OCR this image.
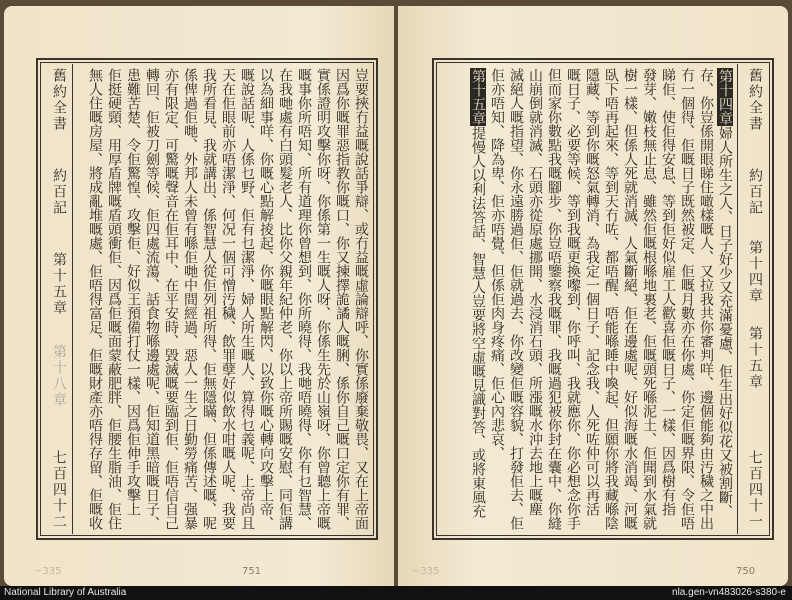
舊約全書
約百記
第十五章
第十八章
七百四十二
豈要挾冇益嘅說話爭辯、或冇益嘅虛論辯呼、你實係廢棄敬畏、又在上帝面
因爲你嘅罪惡指教你嘅口、你又揀擇詭譎人嘅脷、係你自己嘅口定你有罪、
實係證明攻擊你呀、你係第一生嘅人呀、你係生先於山嶺呀、你曾聽上帝嘅
嘅事你所唔知、所有道理你曾想到、你所曉得、我哋唔曉得、你有乜智慧、
在我哋處有白頭髮老人、比你父親年紀仲老、你以上帝所賜嘅安慰、同佢講
以為細事咩、你嘅心點解掕起、你嘅眼點解閃、以致你嘅心轉向攻擊上帝、
嘅說話呢、人係乜野、佢有乜潔淨、婦人所生嘅人、算得乜義呢、上帝尚且
天在佢眼前亦唔潔淨、何况一個可憎汚穢、飲罪孽好似飲水咁嘅人呢、我要
我所看見、我就講出、係智慧人從佢列祖所得、佢無隱瞞、但係傳述嘅、呢
係俾過佢哋、外邦人未曾有喺佢哋中間經過、惡人一生之日勤勞痛苦、强暴
亦有限定、可驚嘅聲音在佢耳中、在平安時、毀滅嘅要臨到佢、佢唔信自己
轉回、佢被刀劍等候、佢四處流蕩、話食物喺邊處呢、佢知道黑暗嘅日子、
患難苦楚、令佢驚惶、攻擊佢、好似王預備打仗一樣、因爲佢伸手攻擊上
佢挺硬頸、用厚盾牌嘅盾頭衝佢、因爲佢嘅面蒙蔽肥胖、佢腰生脂油、佢住
無人住嘅房屋、將成亂堆嘅處、佢唔得富足、佢嘅財產亦唔得存留、佢嘅收
~335	751
舊約全書
約百記
第十四章
第十五章
七百四十一
第十四章婦人所生之人、日子好少又充滿憂慮、佢生出好似花又被割斷、
存、你豈係開眼睇住噉樣嘅人、又拉我共你審判咩、邊個能夠由汚穢之中出
冇一個得、佢嘅日子既然被定、佢嘅月數亦在你處、你定佢嘅界限、令佢唔
睇佢、使佢得安息、等到佢好似雇工人歡喜佢嘅日子、一樣、因爲樹有指
發芽、嫩枝無止息、雖然佢嘅根喺地裏老、佢嘅頭死喺泥土、佢聞到水氣就
樹一樣、但係人死就消滅、人氣斷絕、佢在邊處呢、好似海嘅水消竭、河嘅
臥下唔再起來、等到天冇咗、都唔醒、唔能喺睡中喚起、但願你將我藏喺陰
隱藏、等到你嘅怒氣轉消、為我定一個日子、記念我、人死咗仲可以再活
嘅日子、必要等候、等到我嘅更換嚟到、你呼叫、我就應你、你必想念你手
但而家你數點我嘅腳步、你豈唔鑒察我嘅罪、我嘅過犯被你封在囊中、你縫
山崩倒就消滅、石頭亦從原處挪開、水浸消石頭、所漲嘅水沖去地上嘅塵
滅絕人嘅指望、你永遠勝過佢、佢就過去、你改變佢嘅容貌、打發佢去、佢
佢亦唔知、降為卑、佢亦唔覺、但係佢肉身疼痛、佢心內悲哀、
第十五章提慢人以利法答話、智慧人豈要將空虛嘅見識對答、或將東風充
~335	750
National Library of Australia	nla.gen-vn483026-s380-e
